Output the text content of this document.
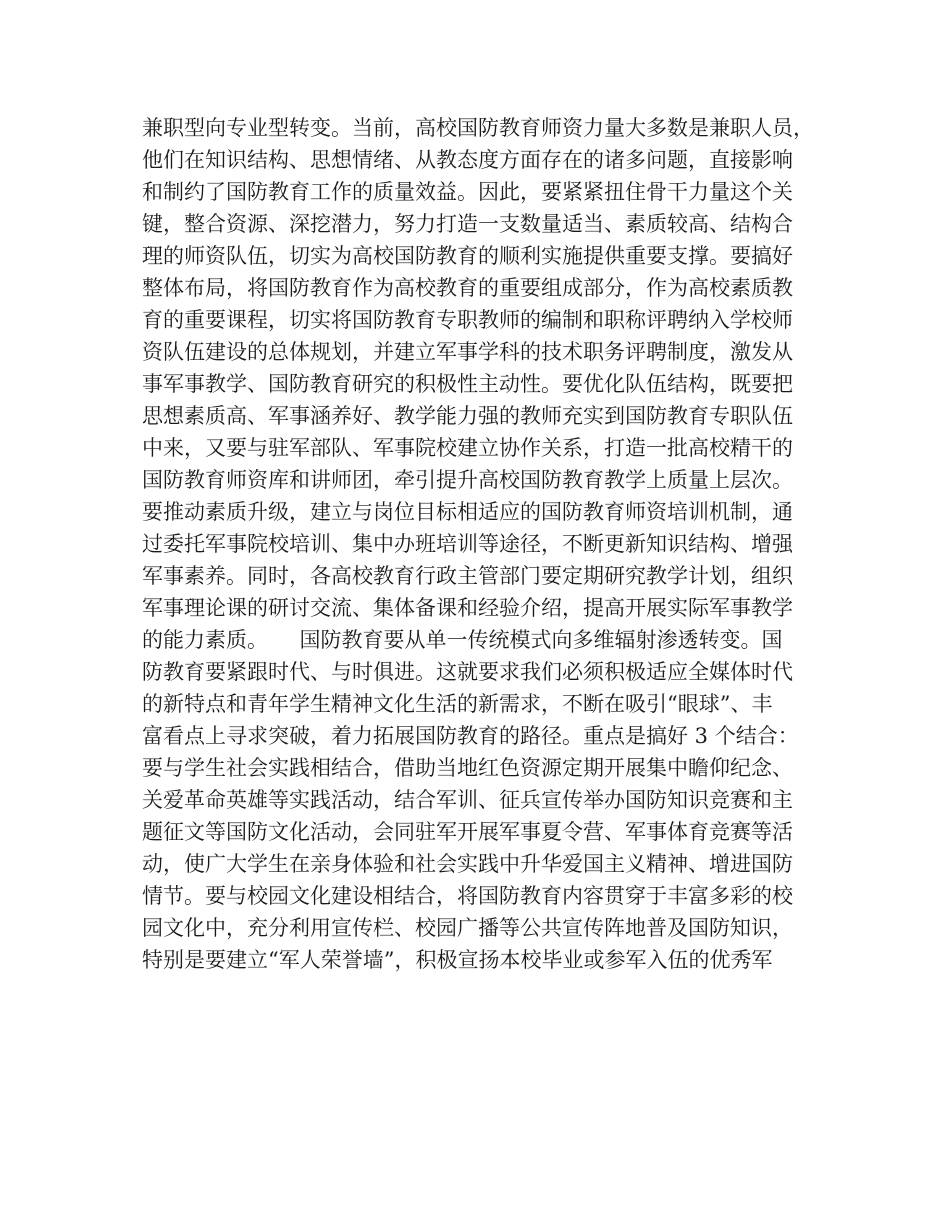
兼职型向专业型转变。当前，高校国防教育师资力量大多数是兼职人员，
他们在知识结构、思想情绪、从教态度方面存在的诸多问题，直接影响
和制约了国防教育工作的质量效益。因此，要紧紧扭住骨干力量这个关
键，整合资源、深挖潜力，努力打造一支数量适当、素质较高、结构合
理的师资队伍，切实为高校国防教育的顺利实施提供重要支撑。要搞好
整体布局，将国防教育作为高校教育的重要组成部分，作为高校素质教
育的重要课程，切实将国防教育专职教师的编制和职称评聘纳入学校师
资队伍建设的总体规划，并建立军事学科的技术职务评聘制度，激发从
事军事教学、国防教育研究的积极性主动性。要优化队伍结构，既要把
思想素质高、军事涵养好、教学能力强的教师充实到国防教育专职队伍
中来，又要与驻军部队、军事院校建立协作关系，打造一批高校精干的
国防教育师资库和讲师团，牵引提升高校国防教育教学上质量上层次。
要推动素质升级，建立与岗位目标相适应的国防教育师资培训机制，通
过委托军事院校培训、集中办班培训等途径，不断更新知识结构、增强
军事素养。同时，各高校教育行政主管部门要定期研究教学计划，组织
军事理论课的研讨交流、集体备课和经验介绍，提高开展实际军事教学
的能力素质。　　国防教育要从单一传统模式向多维辐射渗透转变。国
防教育要紧跟时代、与时俱进。这就要求我们必须积极适应全媒体时代
的新特点和青年学生精神文化生活的新需求，不断在吸引“眼球”、丰
富看点上寻求突破，着力拓展国防教育的路径。重点是搞好 3 个结合：
要与学生社会实践相结合，借助当地红色资源定期开展集中瞻仰纪念、
关爱革命英雄等实践活动，结合军训、征兵宣传举办国防知识竞赛和主
题征文等国防文化活动，会同驻军开展军事夏令营、军事体育竞赛等活
动，使广大学生在亲身体验和社会实践中升华爱国主义精神、增进国防
情节。要与校园文化建设相结合，将国防教育内容贯穿于丰富多彩的校
园文化中，充分利用宣传栏、校园广播等公共宣传阵地普及国防知识，
特别是要建立“军人荣誉墙”，积极宣扬本校毕业或参军入伍的优秀军
